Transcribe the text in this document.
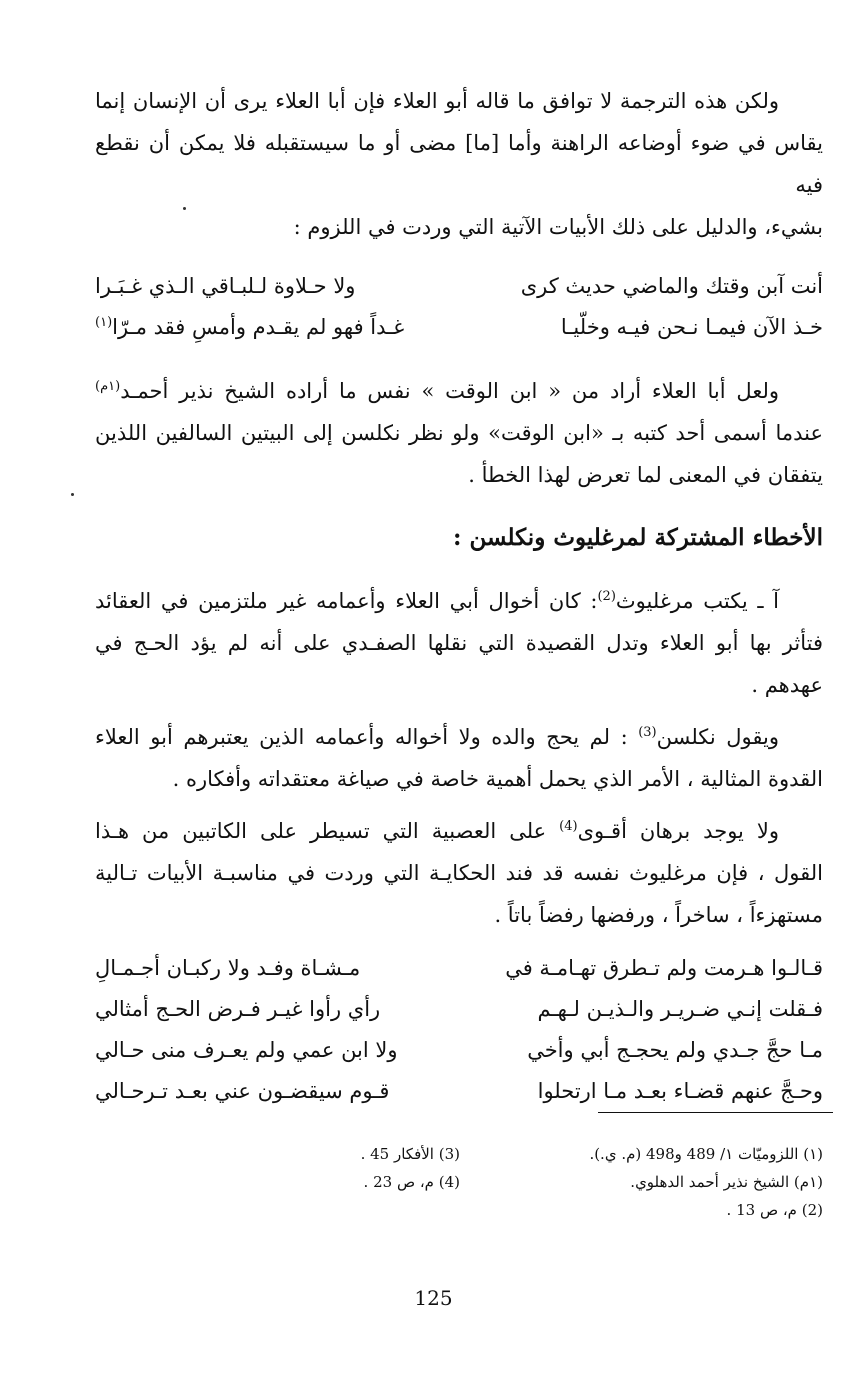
ولكن هذه الترجمة لا توافق ما قاله أبو العلاء فإن أبا العلاء يرى أن الإنسان إنما
يقاس في ضوء أوضاعه الراهنة وأما [ما] مضى أو ما سيستقبله فلا يمكن أن نقطع فيه
بشيء، والدليل على ذلك الأبيات الآتية التي وردت في اللزوم :

أنت آبن وقتك والماضي حديث كرى
ولا حـلاوة لـلبـاقي الـذي غـبَـرا
خـذ الآن فيمـا نـحن فيـه وخلّيـا
غـداً فهو لم يقـدم وأمسِ فقد مـرّا$^{(١)}$

ولعل أبا العلاء أراد من « ابن الوقت » نفس ما أراده الشيخ نذير أحمـد$^{(١م)}$
عندما أسمى أحد كتبه بـ «ابن الوقت» ولو نظر نكلسن إلى البيتين السالفين اللذين
يتفقان في المعنى لما تعرض لهذا الخطأ .

الأخطاء المشتركة لمرغليوث ونكلسن :

آ ـ يكتب مرغليوث$^{(2)}$: كان أخوال أبي العلاء وأعمامه غير ملتزمين في العقائد
فتأثر بها أبو العلاء وتدل القصيدة التي نقلها الصفـدي على أنه لم يؤد الحـج في
عهدهم .

ويقول نكلسن$^{(3)}$ : لم يحج والده ولا أخواله وأعمامه الذين يعتبرهم أبو العلاء
القدوة المثالية ، الأمر الذي يحمل أهمية خاصة في صياغة معتقداته وأفكاره .

ولا يوجد برهان أقـوى$^{(4)}$ على العصبية التي تسيطر على الكاتبين من هـذا
القول ، فإن مرغليوث نفسه قد فند الحكايـة التي وردت في مناسبـة الأبيات تـالية
مستهزءاً ، ساخراً ، ورفضها رفضاً باتاً .

قـالـوا هـرمت ولم تـطرق تهـامـة في
مـشـاة وفـد ولا ركبـان أجـمـالِ
فـقلت إنـي ضـريـر والـذيـن لـهـم
رأي رأوا غيـر فـرض الحـج أمثالي
مـا حجَّ جـدي ولم يحجـج أبي وأخي
ولا ابن عمي ولم يعـرف منى حـالي
وحـجَّ عنهم قضـاء بعـد مـا ارتحلوا
قـوم سيقضـون عني بعـد تـرحـالي
(١) اللزوميّات ١/ 489 و498 (م. ي.).
(١م) الشيخ نذير أحمد الدهلوي.
(2) م، ص 13 .
(3) الأفكار 45 .
(4) م، ص 23 .
125
